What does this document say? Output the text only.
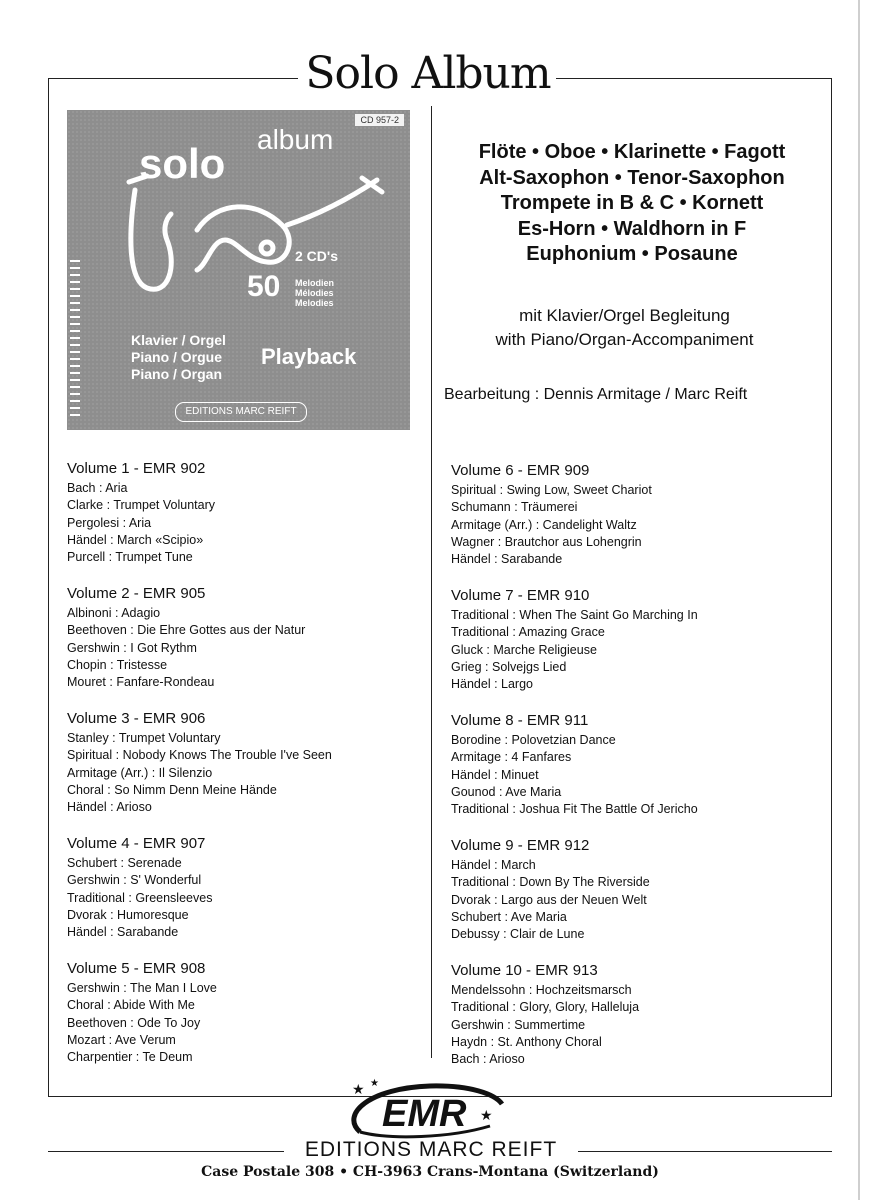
Solo Album
CD 957-2
album
solo
2 CD's
50 Melodien
Mélodies
Melodies
Klavier / Orgel
Piano / Orgue
Piano / Organ
Playback
EDITIONS MARC REIFT
Flöte • Oboe • Klarinette • Fagott
Alt-Saxophon • Tenor-Saxophon
Trompete in B & C • Kornett
Es-Horn • Waldhorn in F
Euphonium • Posaune
mit Klavier/Orgel Begleitung
with Piano/Organ-Accompaniment
Bearbeitung : Dennis Armitage / Marc Reift
Volume 1 - EMR 902
Bach : Aria
Clarke : Trumpet Voluntary
Pergolesi : Aria
Händel : March «Scipio»
Purcell : Trumpet Tune
Volume 2 - EMR 905
Albinoni : Adagio
Beethoven : Die Ehre Gottes aus der Natur
Gershwin : I Got Rythm
Chopin : Tristesse
Mouret : Fanfare-Rondeau
Volume 3 - EMR 906
Stanley : Trumpet Voluntary
Spiritual : Nobody Knows The Trouble I've Seen
Armitage (Arr.) : Il Silenzio
Choral : So Nimm Denn Meine Hände
Händel : Arioso
Volume 4 - EMR 907
Schubert : Serenade
Gershwin : S' Wonderful
Traditional : Greensleeves
Dvorak : Humoresque
Händel : Sarabande
Volume 5 - EMR 908
Gershwin : The Man I Love
Choral : Abide With Me
Beethoven : Ode To Joy
Mozart : Ave Verum
Charpentier : Te Deum
Volume 6 - EMR 909
Spiritual : Swing Low, Sweet Chariot
Schumann : Träumerei
Armitage (Arr.) : Candelight Waltz
Wagner : Brautchor aus Lohengrin
Händel : Sarabande
Volume 7 - EMR 910
Traditional : When The Saint Go Marching In
Traditional : Amazing Grace
Gluck : Marche Religieuse
Grieg : Solvejgs Lied
Händel : Largo
Volume 8 - EMR 911
Borodine : Polovetzian Dance
Armitage : 4 Fanfares
Händel : Minuet
Gounod : Ave Maria
Traditional : Joshua Fit The Battle Of Jericho
Volume 9 - EMR 912
Händel : March
Traditional : Down By The Riverside
Dvorak : Largo aus der Neuen Welt
Schubert : Ave Maria
Debussy : Clair de Lune
Volume 10 - EMR 913
Mendelssohn : Hochzeitsmarsch
Traditional : Glory, Glory, Halleluja
Gershwin : Summertime
Haydn : St. Anthony Choral
Bach : Arioso
EMR
★ ★
★
EDITIONS MARC REIFT
Case Postale 308 • CH-3963 Crans-Montana (Switzerland)
